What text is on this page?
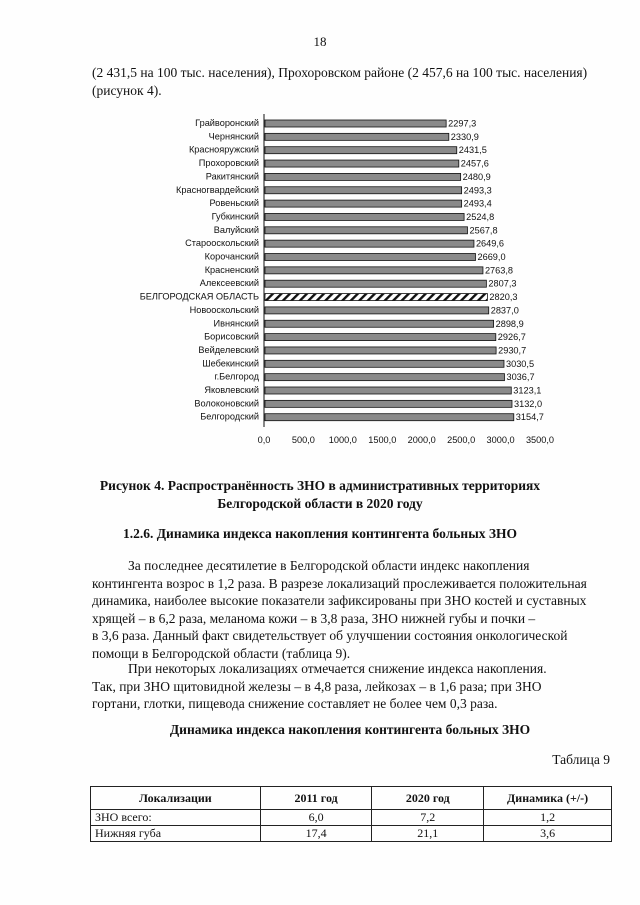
18

(2 431,5 на 100 тыс. населения), Прохоровском районе (2 457,6 на 100 тыс. населения)
(рисунок 4).

Грайворонский	2297,3
Чернянский	2330,9
Краснояружский	2431,5
Прохоровский	2457,6
Ракитянский	2480,9
Красногвардейский	2493,3
Ровеньский	2493,4
Губкинский	2524,8
Валуйский	2567,8
Старооскольский	2649,6
Корочанский	2669,0
Красненский	2763,8
Алексеевский	2807,3
БЕЛГОРОДСКАЯ ОБЛАСТЬ	2820,3
Новооскольский	2837,0
Ивнянский	2898,9
Борисовский	2926,7
Вейделевский	2930,7
Шебекинский	3030,5
г.Белгород	3036,7
Яковлевский	3123,1
Волоконовский	3132,0
Белгородский	3154,7
0,0 500,0 1000,0 1500,0 2000,0 2500,0 3000,0 3500,0
Рисунок 4. Распространённость ЗНО в административных территориях
Белгородской области в 2020 году
1.2.6. Динамика индекса накопления контингента больных ЗНО

За последнее десятилетие в Белгородской области индекс накопления
контингента возрос в 1,2 раза. В разрезе локализаций прослеживается положительная
динамика, наиболее высокие показатели зафиксированы при ЗНО костей и суставных
хрящей – в 6,2 раза, меланома кожи – в 3,8 раза, ЗНО нижней губы и почки –
в 3,6 раза. Данный факт свидетельствует об улучшении состояния онкологической
помощи в Белгородской области (таблица 9).

При некоторых локализациях отмечается снижение индекса накопления.
Так, при ЗНО щитовидной железы – в 4,8 раза, лейкозах – в 1,6 раза; при ЗНО
гортани, глотки, пищевода снижение составляет не более чем 0,3 раза.

Динамика индекса накопления контингента больных ЗНО
Таблица 9
Локализации	2011 год	2020 год	Динамика (+/-)
ЗНО всего:	6,0	7,2	1,2
Нижняя губа	17,4	21,1	3,6
